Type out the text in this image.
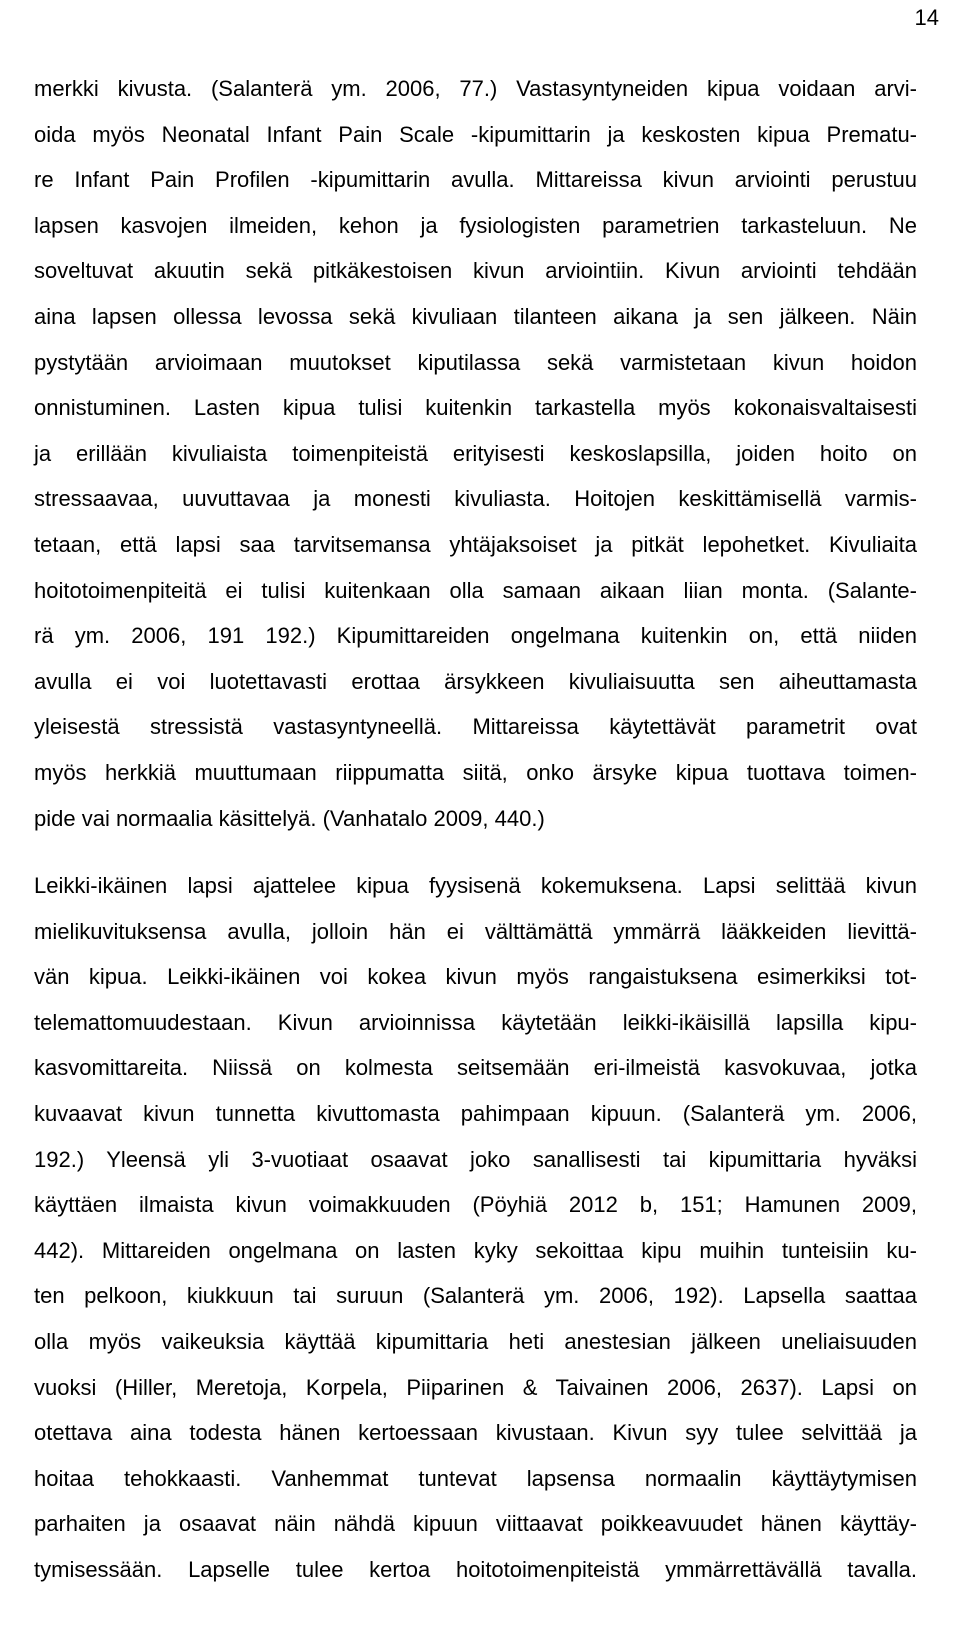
14
merkki kivusta. (Salanterä ym. 2006, 77.) Vastasyntyneiden kipua voidaan arvi-
oida myös Neonatal Infant Pain Scale -kipumittarin ja keskosten kipua Prematu-
re Infant Pain Profilen -kipumittarin avulla. Mittareissa kivun arviointi perustuu
lapsen kasvojen ilmeiden, kehon ja fysiologisten parametrien tarkasteluun. Ne
soveltuvat akuutin sekä pitkäkestoisen kivun arviointiin. Kivun arviointi tehdään
aina lapsen ollessa levossa sekä kivuliaan tilanteen aikana ja sen jälkeen. Näin
pystytään arvioimaan muutokset kiputilassa sekä varmistetaan kivun hoidon
onnistuminen. Lasten kipua tulisi kuitenkin tarkastella myös kokonaisvaltaisesti
ja erillään kivuliaista toimenpiteistä erityisesti keskoslapsilla, joiden hoito on
stressaavaa, uuvuttavaa ja monesti kivuliasta. Hoitojen keskittämisellä varmis-
tetaan, että lapsi saa tarvitsemansa yhtäjaksoiset ja pitkät lepohetket. Kivuliaita
hoitotoimenpiteitä ei tulisi kuitenkaan olla samaan aikaan liian monta. (Salante-
rä ym. 2006, 191 192.) Kipumittareiden ongelmana kuitenkin on, että niiden
avulla ei voi luotettavasti erottaa ärsykkeen kivuliaisuutta sen aiheuttamasta
yleisestä stressistä vastasyntyneellä. Mittareissa käytettävät parametrit ovat
myös herkkiä muuttumaan riippumatta siitä, onko ärsyke kipua tuottava toimen-
pide vai normaalia käsittelyä. (Vanhatalo 2009, 440.)
Leikki-ikäinen lapsi ajattelee kipua fyysisenä kokemuksena. Lapsi selittää kivun
mielikuvituksensa avulla, jolloin hän ei välttämättä ymmärrä lääkkeiden lievittä-
vän kipua. Leikki-ikäinen voi kokea kivun myös rangaistuksena esimerkiksi tot-
telemattomuudestaan. Kivun arvioinnissa käytetään leikki-ikäisillä lapsilla kipu-
kasvomittareita. Niissä on kolmesta seitsemään eri-ilmeistä kasvokuvaa, jotka
kuvaavat kivun tunnetta kivuttomasta pahimpaan kipuun. (Salanterä ym. 2006,
192.) Yleensä yli 3-vuotiaat osaavat joko sanallisesti tai kipumittaria hyväksi
käyttäen ilmaista kivun voimakkuuden (Pöyhiä 2012 b, 151; Hamunen 2009,
442). Mittareiden ongelmana on lasten kyky sekoittaa kipu muihin tunteisiin ku-
ten pelkoon, kiukkuun tai suruun (Salanterä ym. 2006, 192). Lapsella saattaa
olla myös vaikeuksia käyttää kipumittaria heti anestesian jälkeen uneliaisuuden
vuoksi (Hiller, Meretoja, Korpela, Piiparinen & Taivainen 2006, 2637). Lapsi on
otettava aina todesta hänen kertoessaan kivustaan. Kivun syy tulee selvittää ja
hoitaa tehokkaasti. Vanhemmat tuntevat lapsensa normaalin käyttäytymisen
parhaiten ja osaavat näin nähdä kipuun viittaavat poikkeavuudet hänen käyttäy-
tymisessään. Lapselle tulee kertoa hoitotoimenpiteistä ymmärrettävällä tavalla.
